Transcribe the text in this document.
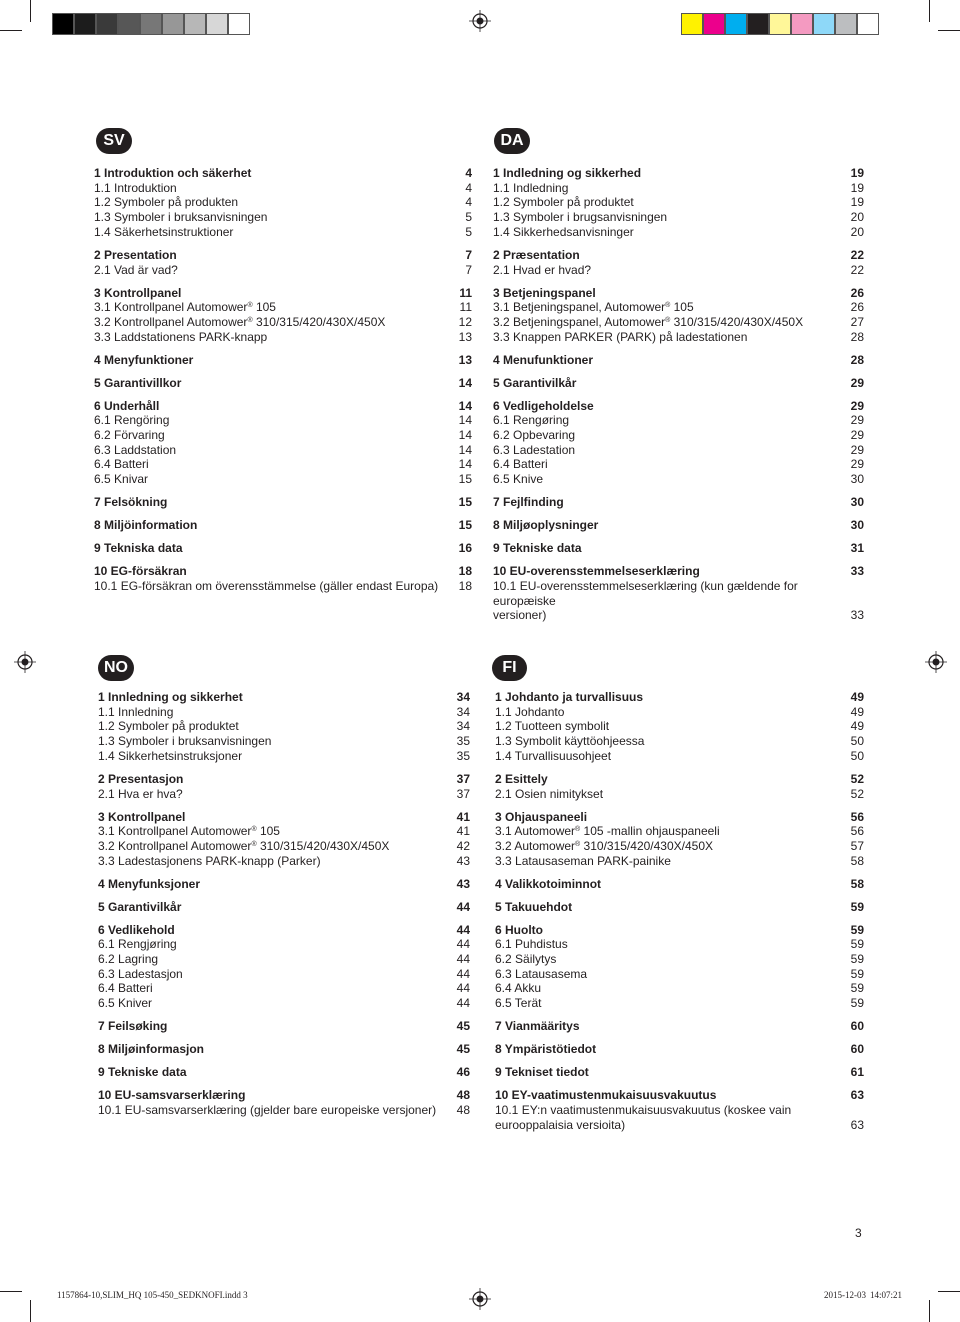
SV	DA
NO	FI
1 Introduktion och säkerhet	4
1.1 Introduktion	4
1.2 Symboler på produkten	4
1.3 Symboler i bruksanvisningen	5
1.4 Säkerhetsinstruktioner	5
2 Presentation	7
2.1 Vad är vad?	7
3 Kontrollpanel	11
3.1 Kontrollpanel Automower® 105	11
3.2 Kontrollpanel Automower® 310/315/420/430X/450X	12
3.3 Laddstationens PARK-knapp	13
4 Menyfunktioner	13
5 Garantivillkor	14
6 Underhåll	14
6.1 Rengöring	14
6.2 Förvaring	14
6.3 Laddstation	14
6.4 Batteri	14
6.5 Knivar	15
7 Felsökning	15
8 Miljöinformation	15
9 Tekniska data	16
10 EG-försäkran	18
10.1 EG-försäkran om överensstämmelse (gäller endast Europa)	18
1 Indledning og sikkerhed	19
1.1 Indledning	19
1.2 Symboler på produktet	19
1.3 Symboler i brugsanvisningen	20
1.4 Sikkerhedsanvisninger	20
2 Præsentation	22
2.1 Hvad er hvad?	22
3 Betjeningspanel	26
3.1 Betjeningspanel, Automower® 105	26
3.2 Betjeningspanel, Automower® 310/315/420/430X/450X	27
3.3 Knappen PARKER (PARK) på ladestationen	28
4 Menufunktioner	28
5 Garantivilkår	29
6 Vedligeholdelse	29
6.1 Rengøring	29
6.2 Opbevaring	29
6.3 Ladestation	29
6.4 Batteri	29
6.5 Knive	30
7 Fejlfinding	30
8 Miljøoplysninger	30
9 Tekniske data	31
10 EU-overensstemmelseserklæring	33
10.1 EU-overensstemmelseserklæring (kun gældende for europæiske
versioner)	33
1 Innledning og sikkerhet	34
1.1 Innledning	34
1.2 Symboler på produktet	34
1.3 Symboler i bruksanvisningen	35
1.4 Sikkerhetsinstruksjoner	35
2 Presentasjon	37
2.1 Hva er hva?	37
3 Kontrollpanel	41
3.1 Kontrollpanel Automower® 105	41
3.2 Kontrollpanel Automower® 310/315/420/430X/450X	42
3.3 Ladestasjonens PARK-knapp (Parker)	43
4 Menyfunksjoner	43
5 Garantivilkår	44
6 Vedlikehold	44
6.1 Rengjøring	44
6.2 Lagring	44
6.3 Ladestasjon	44
6.4 Batteri	44
6.5 Kniver	44
7 Feilsøking	45
8 Miljøinformasjon	45
9 Tekniske data	46
10 EU-samsvarserklæring	48
10.1 EU-samsvarserklæring (gjelder bare europeiske versjoner)	48
1 Johdanto ja turvallisuus	49
1.1 Johdanto	49
1.2 Tuotteen symbolit	49
1.3 Symbolit käyttöohjeessa	50
1.4 Turvallisuusohjeet	50
2 Esittely	52
2.1 Osien nimitykset	52
3 Ohjauspaneeli	56
3.1 Automower® 105 -mallin ohjauspaneeli	56
3.2 Automower® 310/315/420/430X/450X	57
3.3 Latausaseman PARK-painike	58
4 Valikkotoiminnot	58
5 Takuuehdot	59
6 Huolto	59
6.1 Puhdistus	59
6.2 Säilytys	59
6.3 Latausasema	59
6.4 Akku	59
6.5 Terät	59
7 Vianmääritys	60
8 Ympäristötiedot	60
9 Tekniset tiedot	61
10 EY-vaatimustenmukaisuusvakuutus	63
10.1 EY:n vaatimustenmukaisuusvakuutus (koskee vain
eurooppalaisia versioita)	63
3
1157864-10,SLIM_HQ 105-450_SEDKNOFI.indd 3	2015-12-03 14:07:21
